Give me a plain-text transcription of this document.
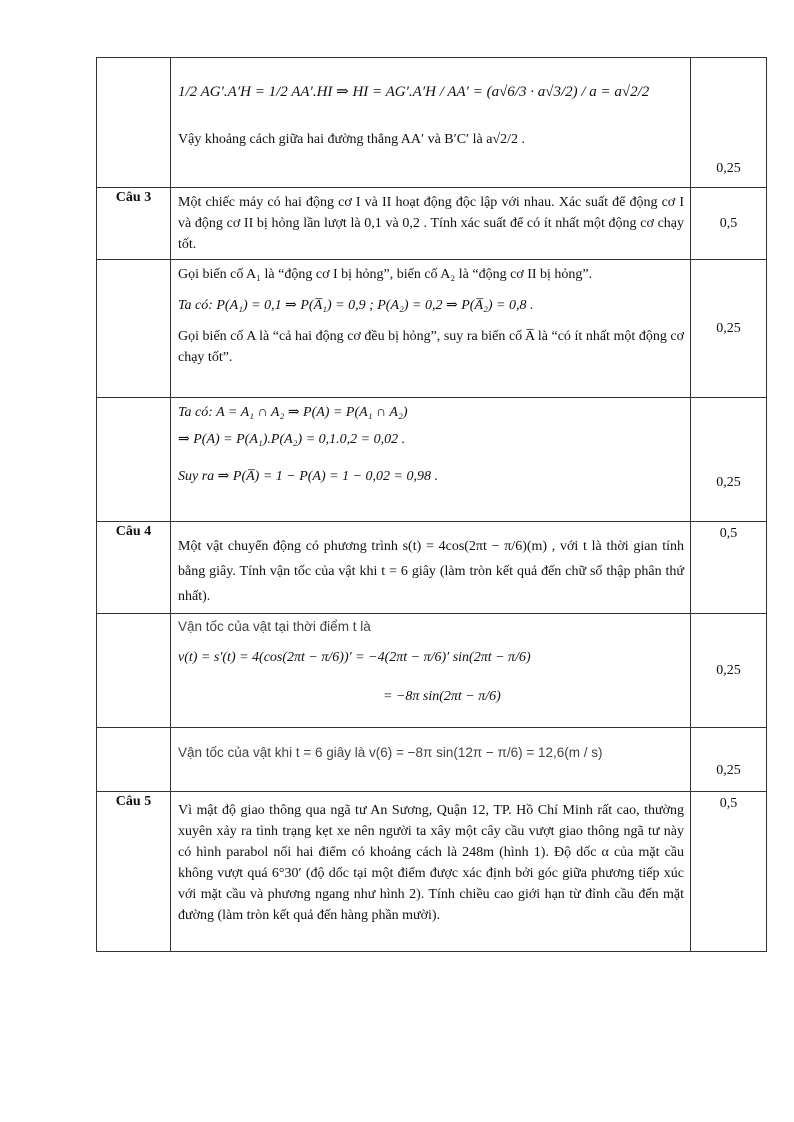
	1/2 AG′.A′H = 1/2 AA′.HI ⇒ HI = AG′.A′H / AA′ = (a√6/3 · a√3/2) / a = a√2/2
Vậy khoảng cách giữa hai đường thẳng AA′ và B′C′ là a√2/2 .	0,25
Câu 3	Một chiếc máy có hai động cơ I và II hoạt động độc lập với nhau. Xác suất để động cơ I và động cơ II bị hỏng lần lượt là 0,1 và 0,2 . Tính xác suất để có ít nhất một động cơ chạy tốt.	0,5

	Gọi biến cố A₁ là “động cơ I bị hỏng”, biến cố A₂ là “động cơ II bị hỏng”.
Ta có: P(A₁) = 0,1 ⇒ P(A̅₁) = 0,9 ; P(A₂) = 0,2 ⇒ P(A̅₂) = 0,8 .
Gọi biến cố A là “cả hai động cơ đều bị hỏng”, suy ra biến cố A̅ là “có ít nhất một động cơ chạy tốt”.	0,25

	Ta có: A = A₁ ∩ A₂ ⇒ P(A) = P(A₁ ∩ A₂)
⇒ P(A) = P(A₁).P(A₂) = 0,1.0,2 = 0,02 .
Suy ra ⇒ P(A̅) = 1 − P(A) = 1 − 0,02 = 0,98 .	0,25
Câu 4	Một vật chuyển động có phương trình s(t) = 4cos(2πt − π/6)(m) , với t là thời gian tính bằng giây. Tính vận tốc của vật khi t = 6 giây (làm tròn kết quả đến chữ số thập phân thứ nhất).	0,5

	Vận tốc của vật tại thời điểm t là
v(t) = s′(t) = 4(cos(2πt − π/6))′ = −4(2πt − π/6)′ sin(2πt − π/6)
= −8π sin(2πt − π/6)	0,25

	Vận tốc của vật khi t = 6 giây là v(6) = −8π sin(12π − π/6) = 12,6(m / s)	0,25
Câu 5	Vì mật độ giao thông qua ngã tư An Sương, Quận 12, TP. Hồ Chí Minh rất cao, thường xuyên xảy ra tình trạng kẹt xe nên người ta xây một cây cầu vượt giao thông ngã tư này có hình parabol nối hai điểm có khoảng cách là 248m (hình 1). Độ dốc α của mặt cầu không vượt quá 6°30′ (độ dốc tại một điểm được xác định bởi góc giữa phương tiếp xúc với mặt cầu và phương ngang như hình 2). Tính chiều cao giới hạn từ đỉnh cầu đến mặt đường (làm tròn kết quả đến hàng phần mười).	0,5
